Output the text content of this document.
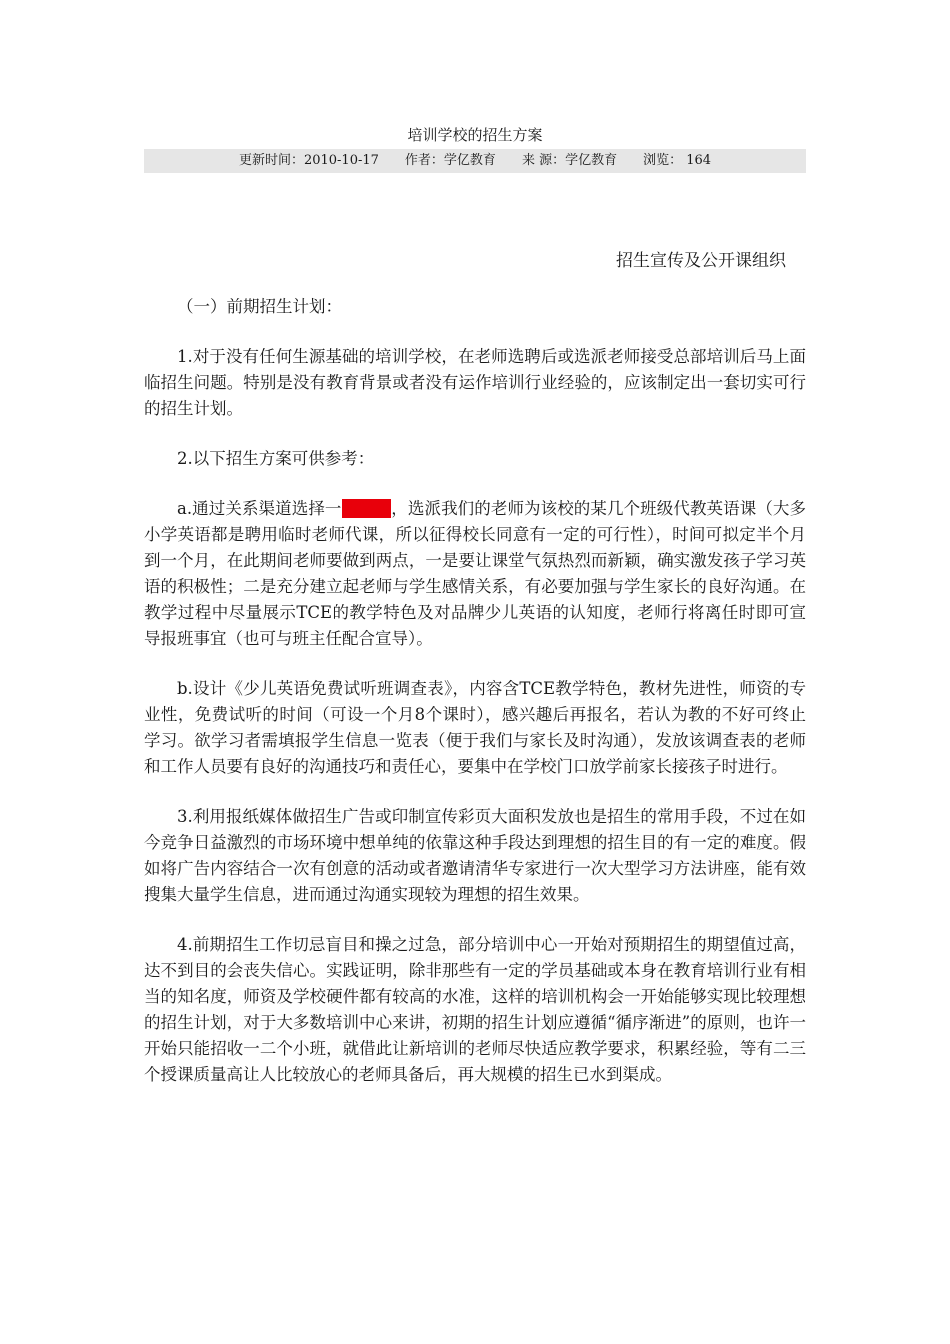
培训学校的招生方案
更新时间：2010-10-17 作者：学亿教育 来 源：学亿教育 浏览： 164
招生宣传及公开课组织

（一）前期招生计划：

1.对于没有任何生源基础的培训学校，在老师选聘后或选派老师接受总部培训后马上面临招生问题。特别是没有教育背景或者没有运作培训行业经验的，应该制定出一套切实可行的招生计划。

2.以下招生方案可供参考：

a.通过关系渠道选择一所学校，选派我们的老师为该校的某几个班级代教英语课（大多小学英语都是聘用临时老师代课，所以征得校长同意有一定的可行性），时间可拟定半个月到一个月，在此期间老师要做到两点，一是要让课堂气氛热烈而新颖，确实激发孩子学习英语的积极性；二是充分建立起老师与学生感情关系，有必要加强与学生家长的良好沟通。在教学过程中尽量展示TCE的教学特色及对品牌少儿英语的认知度，老师行将离任时即可宣导报班事宜（也可与班主任配合宣导）。

b.设计《少儿英语免费试听班调查表》，内容含TCE教学特色，教材先进性，师资的专业性，免费试听的时间（可设一个月8个课时），感兴趣后再报名，若认为教的不好可终止学习。欲学习者需填报学生信息一览表（便于我们与家长及时沟通），发放该调查表的老师和工作人员要有良好的沟通技巧和责任心，要集中在学校门口放学前家长接孩子时进行。

3.利用报纸媒体做招生广告或印制宣传彩页大面积发放也是招生的常用手段，不过在如今竞争日益激烈的市场环境中想单纯的依靠这种手段达到理想的招生目的有一定的难度。假如将广告内容结合一次有创意的活动或者邀请清华专家进行一次大型学习方法讲座，能有效搜集大量学生信息，进而通过沟通实现较为理想的招生效果。

4.前期招生工作切忌盲目和操之过急，部分培训中心一开始对预期招生的期望值过高，达不到目的会丧失信心。实践证明，除非那些有一定的学员基础或本身在教育培训行业有相当的知名度，师资及学校硬件都有较高的水准，这样的培训机构会一开始能够实现比较理想的招生计划，对于大多数培训中心来讲，初期的招生计划应遵循“循序渐进”的原则，也许一开始只能招收一二个小班，就借此让新培训的老师尽快适应教学要求，积累经验，等有二三个授课质量高让人比较放心的老师具备后，再大规模的招生已水到渠成。
